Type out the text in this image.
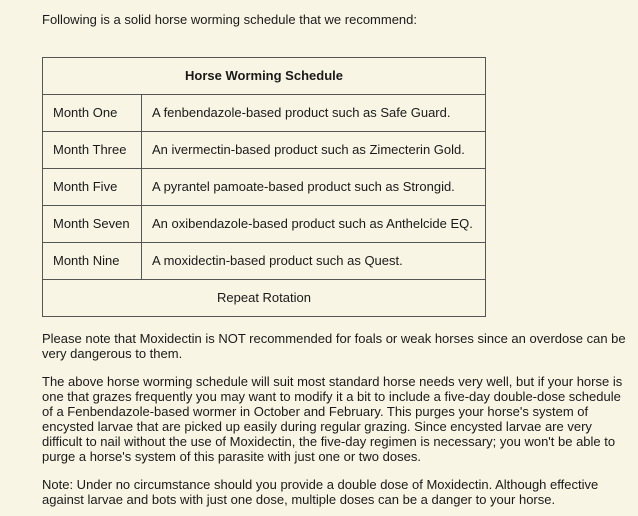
Following is a solid horse worming schedule that we recommend:

Horse Worming Schedule	
Month One	A fenbendazole-based product such as Safe Guard.
Month Three	An ivermectin-based product such as Zimecterin Gold.
Month Five	A pyrantel pamoate-based product such as Strongid.
Month Seven	An oxibendazole-based product such as Anthelcide EQ.
Month Nine	A moxidectin-based product such as Quest.
Repeat Rotation	

Please note that Moxidectin is NOT recommended for foals or weak horses since an overdose can be very dangerous to them.

The above horse worming schedule will suit most standard horse needs very well, but if your horse is one that grazes frequently you may want to modify it a bit to include a five-day double-dose schedule of a Fenbendazole-based wormer in October and February. This purges your horse's system of encysted larvae that are picked up easily during regular grazing. Since encysted larvae are very difficult to nail without the use of Moxidectin, the five-day regimen is necessary; you won't be able to purge a horse's system of this parasite with just one or two doses.

Note: Under no circumstance should you provide a double dose of Moxidectin. Although effective against larvae and bots with just one dose, multiple doses can be a danger to your horse.
